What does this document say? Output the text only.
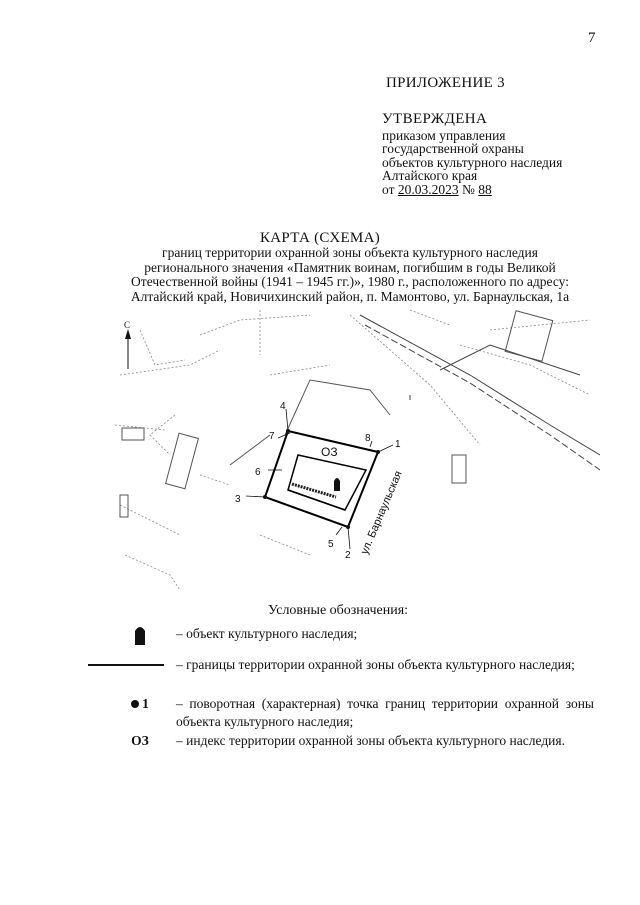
7
ПРИЛОЖЕНИЕ 3
УТВЕРЖДЕНА
приказом управления
государственной охраны
объектов культурного наследия
Алтайского края
от 20.03.2023 № 88
КАРТА (СХЕМА)
границ территории охранной зоны объекта культурного наследия
регионального значения «Памятник воинам, погибшим в годы Великой
Отечественной войны (1941 – 1945 гг.)», 1980 г., расположенного по адресу:
Алтайский край, Новичихинский район, п. Мамонтово, ул. Барнаульская, 1а
С
ОЗ
1
2
3
4
5
6
7	8
ул. Барнаульская
Условные обозначения:
– объект культурного наследия;
– границы территории охранной зоны объекта культурного наследия;
1 – поворотная (характерная) точка границ территории охранной зоны объекта культурного наследия;
ОЗ	– индекс территории охранной зоны объекта культурного наследия.
